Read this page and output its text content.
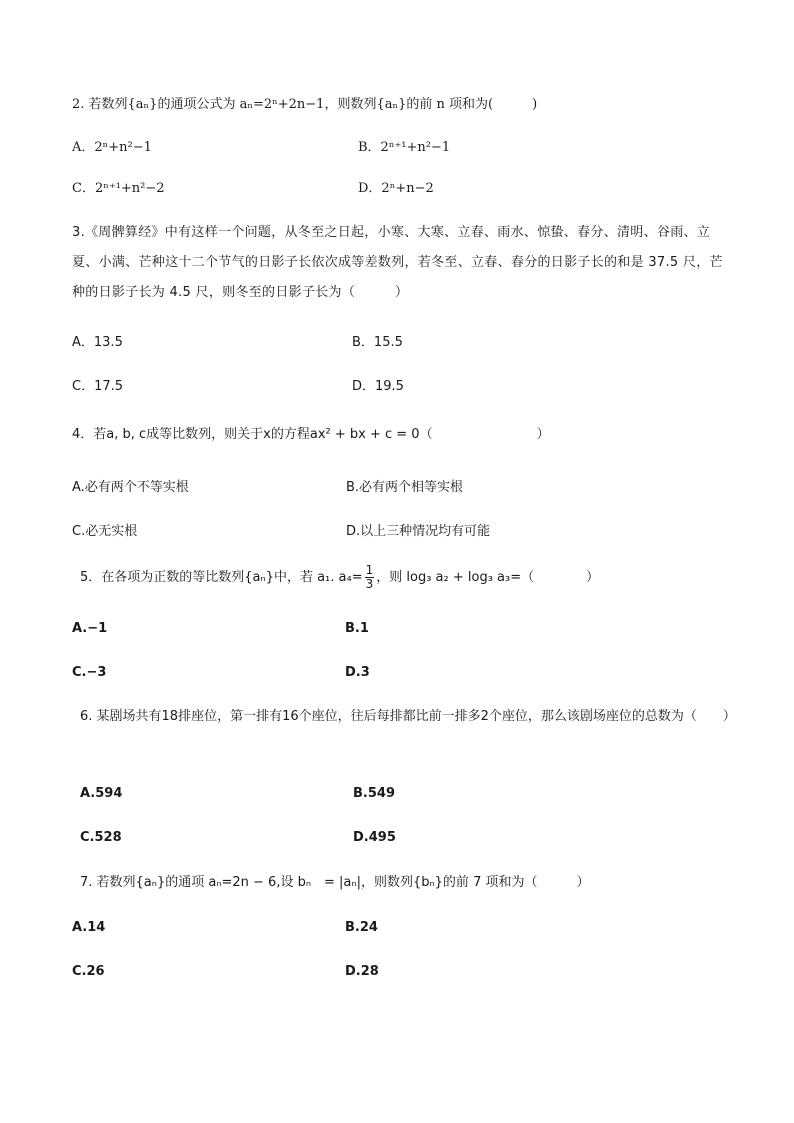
2. 若数列{aₙ}的通项公式为 aₙ=2ⁿ+2n−1，则数列{aₙ}的前 n 项和为(　　　)

A．2ⁿ+n²−1	B．2ⁿ⁺¹+n²−1
C．2ⁿ⁺¹+n²−2	D．2ⁿ+n−2

3.《周髀算经》中有这样一个问题，从冬至之日起，小寒、大寒、立春、雨水、惊蛰、春分、清明、谷雨、立夏、小满、芒种这十二个节气的日影子长依次成等差数列，若冬至、立春、春分的日影子长的和是 37.5 尺，芒种的日影子长为 4.5 尺，则冬至的日影子长为（　　　）

A．13.5	B．15.5
C．17.5	D．19.5

4．若a, b, c成等比数列，则关于x的方程ax² + bx + c = 0（　　　　　　　　）

A.必有两个不等实根	B.必有两个相等实根
C.必无实根	D.以上三种情况均有可能

5．在各项为正数的等比数列{aₙ}中，若 a₁. $a_4= \frac{1}{3}$ ，则 log₃ a₂ + log₃ a₃=（　　　　）

A.−1	B.1
C.−3	D.3

6. 某剧场共有18排座位，第一排有16个座位，往后每排都比前一排多2个座位，那么该剧场座位的总数为（　　）

A.594	B.549
C.528	D.495

7. 若数列{aₙ}的通项 aₙ=2n − 6,设 bₙ　= |aₙ|，则数列{bₙ}的前 7 项和为（　　　）

A.14	B.24
C.26	D.28
